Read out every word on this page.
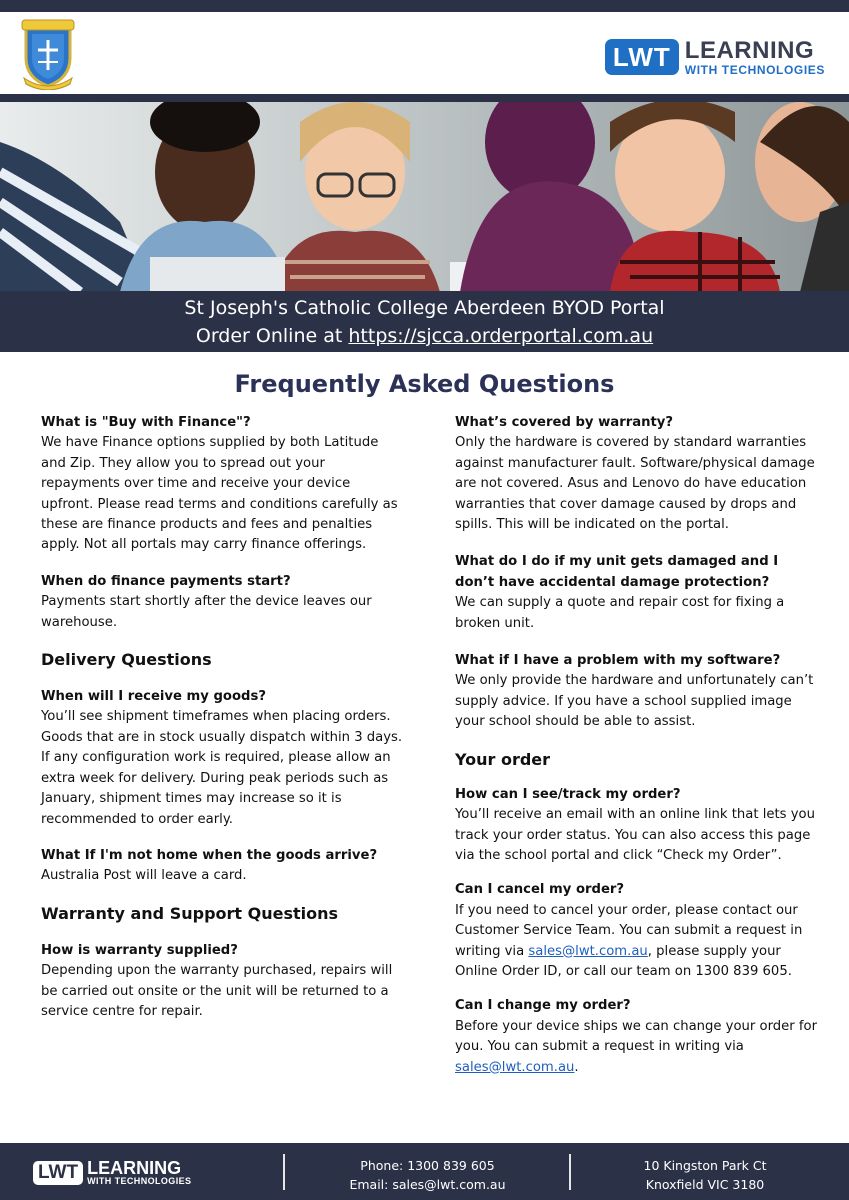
LWT LEARNING
WITH TECHNOLOGIES
St Joseph's Catholic College Aberdeen BYOD Portal
Order Online at https://sjcca.orderportal.com.au
Frequently Asked Questions

What is "Buy with Finance"?

We have Finance options supplied by both Latitude and Zip. They allow you to spread out your repayments over time and receive your device upfront. Please read terms and conditions carefully as these are finance products and fees and penalties apply. Not all portals may carry finance offerings.

When do finance payments start?

Payments start shortly after the device leaves our warehouse.

Delivery Questions

When will I receive my goods?

You’ll see shipment timeframes when placing orders. Goods that are in stock usually dispatch within 3 days. If any configuration work is required, please allow an extra week for delivery. During peak periods such as January, shipment times may increase so it is recommended to order early.

What If I'm not home when the goods arrive?

Australia Post will leave a card.

Warranty and Support Questions

How is warranty supplied?

Depending upon the warranty purchased, repairs will be carried out onsite or the unit will be returned to a service centre for repair.

What’s covered by warranty?

Only the hardware is covered by standard warranties against manufacturer fault. Software/physical damage are not covered. Asus and Lenovo do have education warranties that cover damage caused by drops and spills. This will be indicated on the portal.

What do I do if my unit gets damaged and I don’t have accidental damage protection?

We can supply a quote and repair cost for fixing a broken unit.

What if I have a problem with my software?

We only provide the hardware and unfortunately can’t supply advice. If you have a school supplied image your school should be able to assist.

Your order

How can I see/track my order?

You’ll receive an email with an online link that lets you track your order status. You can also access this page via the school portal and click “Check my Order”.

Can I cancel my order?

If you need to cancel your order, please contact our Customer Service Team. You can submit a request in writing via sales@lwt.com.au, please supply your Online Order ID, or call our team on 1300 839 605.

Can I change my order?

Before your device ships we can change your order for you. You can submit a request in writing via sales@lwt.com.au.

LWT LEARNING
WITH TECHNOLOGIES
Phone: 1300 839 605
Email: sales@lwt.com.au
10 Kingston Park Ct
Knoxfield VIC 3180
